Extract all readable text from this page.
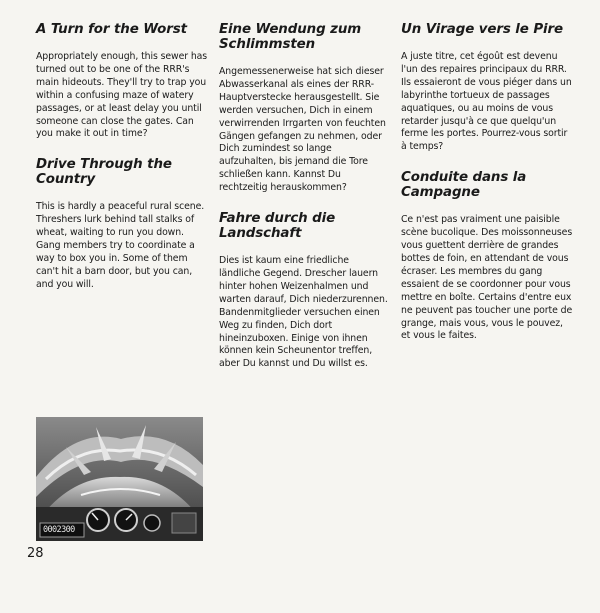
A Turn for the Worst

Appropriately enough, this sewer has turned out to be one of the RRR's main hideouts. They'll try to trap you within a confusing maze of watery passages, or at least delay you until someone can close the gates. Can you make it out in time?

Drive Through the Country

This is hardly a peaceful rural scene. Threshers lurk behind tall stalks of wheat, waiting to run you down. Gang members try to coordinate a way to box you in. Some of them can't hit a barn door, but you can, and you will.

Eine Wendung zum Schlimmsten

Angemessenerweise hat sich dieser Abwasserkanal als eines der RRR-Hauptverstecke herausgestellt. Sie werden versuchen, Dich in einem verwirrenden Irrgarten von feuchten Gängen gefangen zu nehmen, oder Dich zumindest so lange aufzuhalten, bis jemand die Tore schließen kann. Kannst Du rechtzeitig herauskommen?

Fahre durch die Landschaft

Dies ist kaum eine friedliche ländliche Gegend. Drescher lauern hinter hohen Weizenhalmen und warten darauf, Dich niederzurennen. Bandenmitglieder versuchen einen Weg zu finden, Dich dort hineinzuboxen. Einige von ihnen können kein Scheunentor treffen, aber Du kannst und Du willst es.

Un Virage vers le Pire

A juste titre, cet égoût est devenu l'un des repaires principaux du RRR. Ils essaieront de vous piéger dans un labyrinthe tortueux de passages aquatiques, ou au moins de vous retarder jusqu'à ce que quelqu'un ferme les portes. Pourrez-vous sortir à temps?

Conduite dans la Campagne

Ce n'est pas vraiment une paisible scène bucolique. Des moissonneuses vous guettent derrière de grandes bottes de foin, en attendant de vous écraser. Les membres du gang essaient de se coordonner pour vous mettre en boîte. Certains d'entre eux ne peuvent pas toucher une porte de grange, mais vous, vous le pouvez, et vous le faites.

0002300
28
